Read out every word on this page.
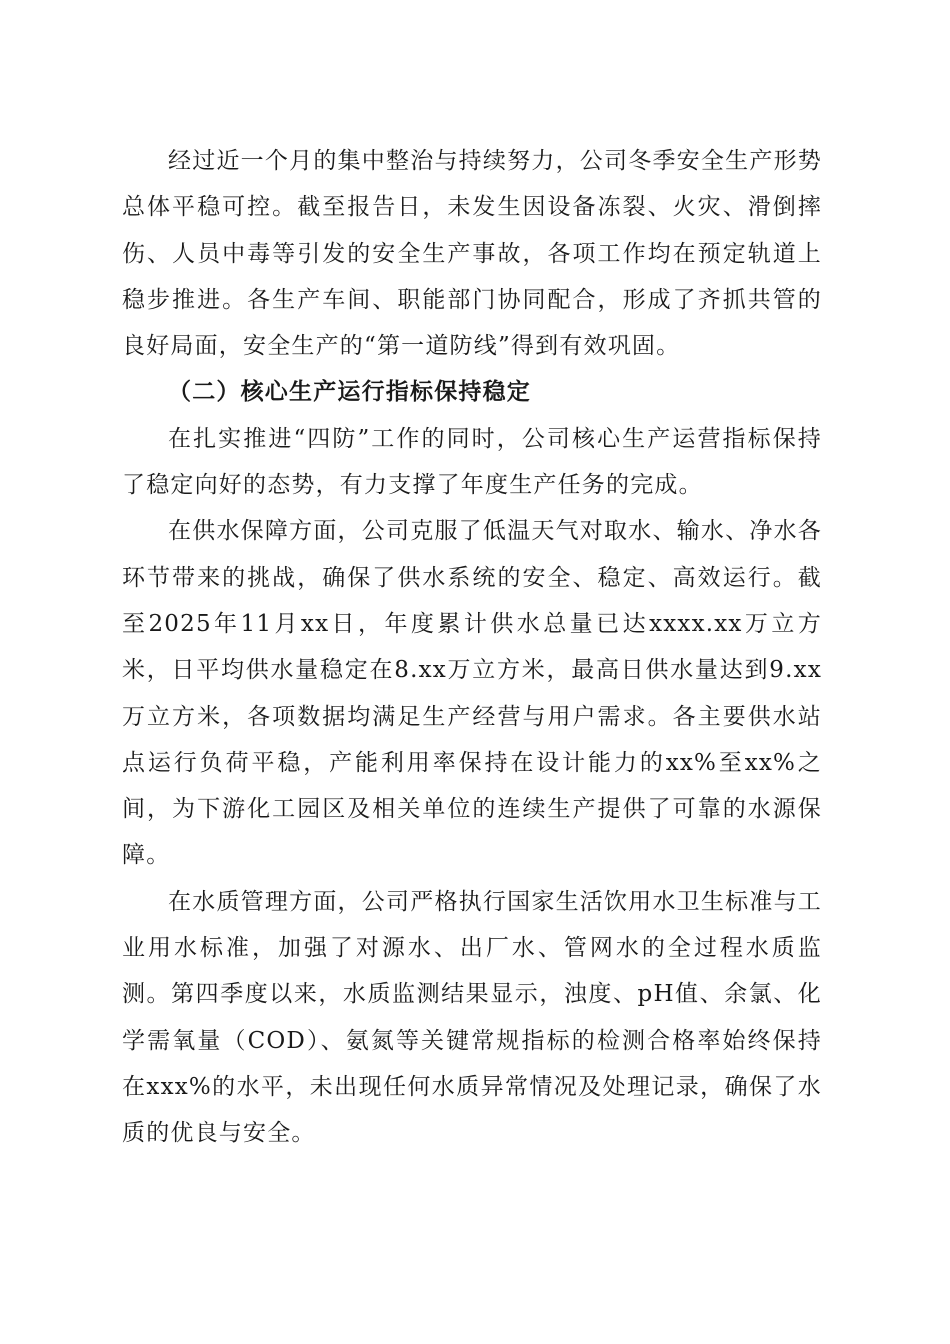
经过近一个月的集中整治与持续努力，公司冬季安全生产形势总体平稳可控。截至报告日，未发生因设备冻裂、火灾、滑倒摔伤、人员中毒等引发的安全生产事故，各项工作均在预定轨道上稳步推进。各生产车间、职能部门协同配合，形成了齐抓共管的良好局面，安全生产的“第一道防线”得到有效巩固。

（二）核心生产运行指标保持稳定

在扎实推进“四防”工作的同时，公司核心生产运营指标保持了稳定向好的态势，有力支撑了年度生产任务的完成。

在供水保障方面，公司克服了低温天气对取水、输水、净水各环节带来的挑战，确保了供水系统的安全、稳定、高效运行。截至2025年11月xx日，年度累计供水总量已达xxxx.xx万立方米，日平均供水量稳定在8.xx万立方米，最高日供水量达到9.xx万立方米，各项数据均满足生产经营与用户需求。各主要供水站点运行负荷平稳，产能利用率保持在设计能力的xx%至xx%之间，为下游化工园区及相关单位的连续生产提供了可靠的水源保障。

在水质管理方面，公司严格执行国家生活饮用水卫生标准与工业用水标准，加强了对源水、出厂水、管网水的全过程水质监测。第四季度以来，水质监测结果显示，浊度、pH值、余氯、化学需氧量（COD）、氨氮等关键常规指标的检测合格率始终保持在xxx%的水平，未出现任何水质异常情况及处理记录，确保了水质的优良与安全。
